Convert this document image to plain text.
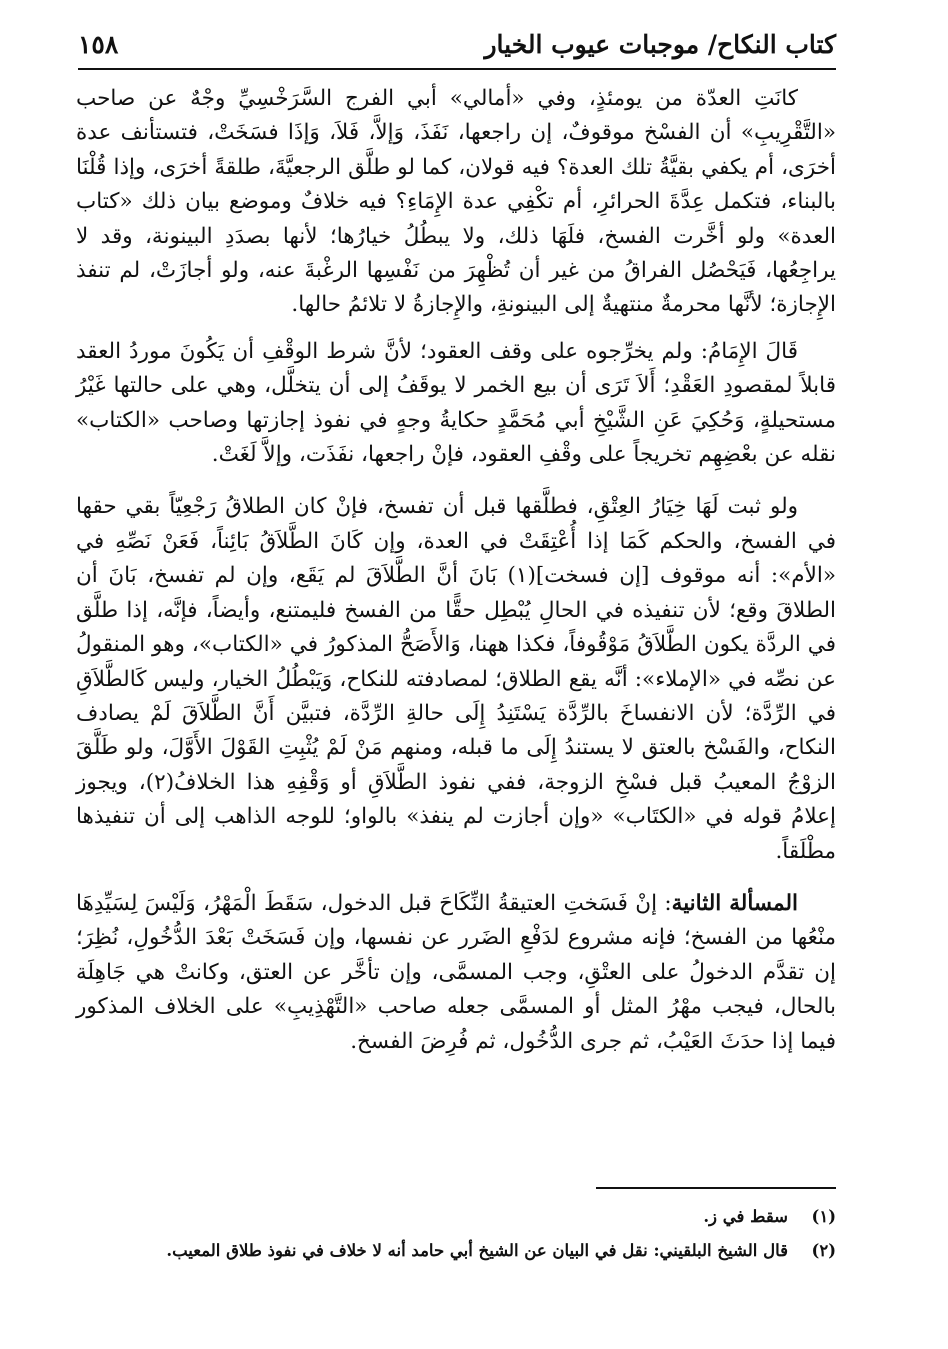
كتاب النكاح/ موجبات عيوب الخيار
١٥٨

كانَتِ العدّة من يومئذٍ، وفي «أمالي» أبي الفرج السَّرَخْسِيِّ وجْهٌ عن صاحب «التَّقْرِيبِ» أن الفسْخ موقوفٌ، إن راجعها، نَفَذَ، وَإلاَّ، فَلاَ، وَإذَا فسَخَتْ، فتستأنف عدة أخرَى، أم يكفي بقيَّةُ تلك العدة؟ فيه قولان، كما لو طلَّق الرجعيَّةَ، طلقةً أخرَى، وإذا قُلْنَا بالبناء، فتكمل عِدَّةَ الحرائرِ، أم تكْفِي عدة الإِمَاءِ؟ فيه خلافٌ وموضع بيان ذلك «كتاب العدة» ولو أخَّرت الفسخ، فلَهَا ذلك، ولا يبطُلُ خيارُها؛ لأنها بصدَدِ البينونة، وقد لا يراجِعُها، فَيَحْصُل الفراقُ من غير أن تُظْهِرَ من نَفْسِها الرغْبةَ عنه، ولو أجازَتْ، لم تنفذ الإِجازة؛ لأنَّها محرمةٌ منتهيةٌ إلى البينونةِ، والإِجازةُ لا تلائمُ حالها.

قَالَ الإِمَامُ: ولم يخرِّجوه على وقف العقود؛ لأنَّ شرط الوقْفِ أن يَكُونَ موردُ العقد قابلاً لمقصودِ العَقْدِ؛ أَلاَ تَرَى أن بيع الخمر لا يوقَفُ إلى أن يتخلَّل، وهي على حالتها غَيْرُ مستحيلةٍ، وَحُكِيَ عَنِ الشَّيْخِ أبي مُحَمَّدٍ حكايةُ وجهٍ في نفوذ إجازتها وصاحب «الكتاب» نقله عن بعْضِهِم تخريجاً على وقْفِ العقود، فإنْ راجعها، نفَذَت، وإلاَّ لَغَتْ.

ولو ثبت لَهَا خِيَارُ العِتْقِ، فطلَّقها قبل أن تفسخ، فإنْ كان الطلاقُ رَجْعِيّاً بقي حقها في الفسخ، والحكم كَمَا إذا أُعْتِقَتْ في العدة، وإن كَانَ الطَّلاَقُ بَائِناً، فَعَنْ نَصِّهِ في «الأم»: أنه موقوف [إن فسخت](١) بَانَ أنَّ الطَّلاَقَ لم يَقَع، وإن لم تفسخ، بَانَ أن الطلاقَ وقع؛ لأن تنفيذه في الحالِ يُبْطِل حقًّا من الفسخ فليمتنع، وأيضاً، فإنَّه، إذا طلَّق في الردَّة يكون الطَّلاَقُ مَوْقُوفاً، فكذا ههنا، وَالأَصَحُّ المذكورُ في «الكتاب»، وهو المنقولُ عن نصِّه في «الإملاء»: أنَّه يقع الطلاق؛ لمصادفته للنكاح، وَيَبْطُلُ الخيار، وليس كَالطَّلاَقِ في الرِّدَّة؛ لأن الانفساخَ بالرِّدَّة يَسْتَنِدُ إِلَى حالةِ الرِّدَّة، فتبيَّن أَنَّ الطَّلاَقَ لَمْ يصادف النكاح، والفَسْخ بالعتق لا يستندُ إِلَى ما قبله، ومنهم مَنْ لَمْ يُثْبِتِ القَوْلَ الأَوَّلَ، ولو طَلَّقَ الزوْجُ المعيبُ قبل فسْخِ الزوجة، ففي نفوذ الطَّلاَقِ أو وَقْفِهِ هذا الخلافُ(٢)، ويجوز إعلامُ قوله في «الكتَاب» «وإن أجازت لم ينفذ» بالواو؛ للوجه الذاهب إلى أن تنفيذها مطْلَقاً.

المسألة الثانية: إنْ فَسَختِ العتيقةُ النِّكَاحَ قبل الدخول، سَقَطَ الْمَهْرُ، وَلَيْسَ لِسَيِّدِهَا منْعُها من الفسخ؛ فإنه مشروع لدَفْعِ الضَرر عن نفسها، وإن فَسَخَتْ بَعْدَ الدُّخُولِ، نُظِرَ؛ إن تقدَّم الدخولُ على العتْقِ، وجب المسمَّى، وإن تأخَّر عن العتق، وكانتْ هي جَاهِلَة بالحال، فيجب مهْرُ المثل أو المسمَّى جعله صاحب «التَّهْذِيبِ» على الخلاف المذكور فيما إذا حدَثَ العَيْبُ، ثم جرى الدُّخُول، ثم فُرِضَ الفسخ.

(١)
سقط في ز.
(٢)
قال الشيخ البلقيني: نقل في البيان عن الشيخ أبي حامد أنه لا خلاف في نفوذ طلاق المعيب.
